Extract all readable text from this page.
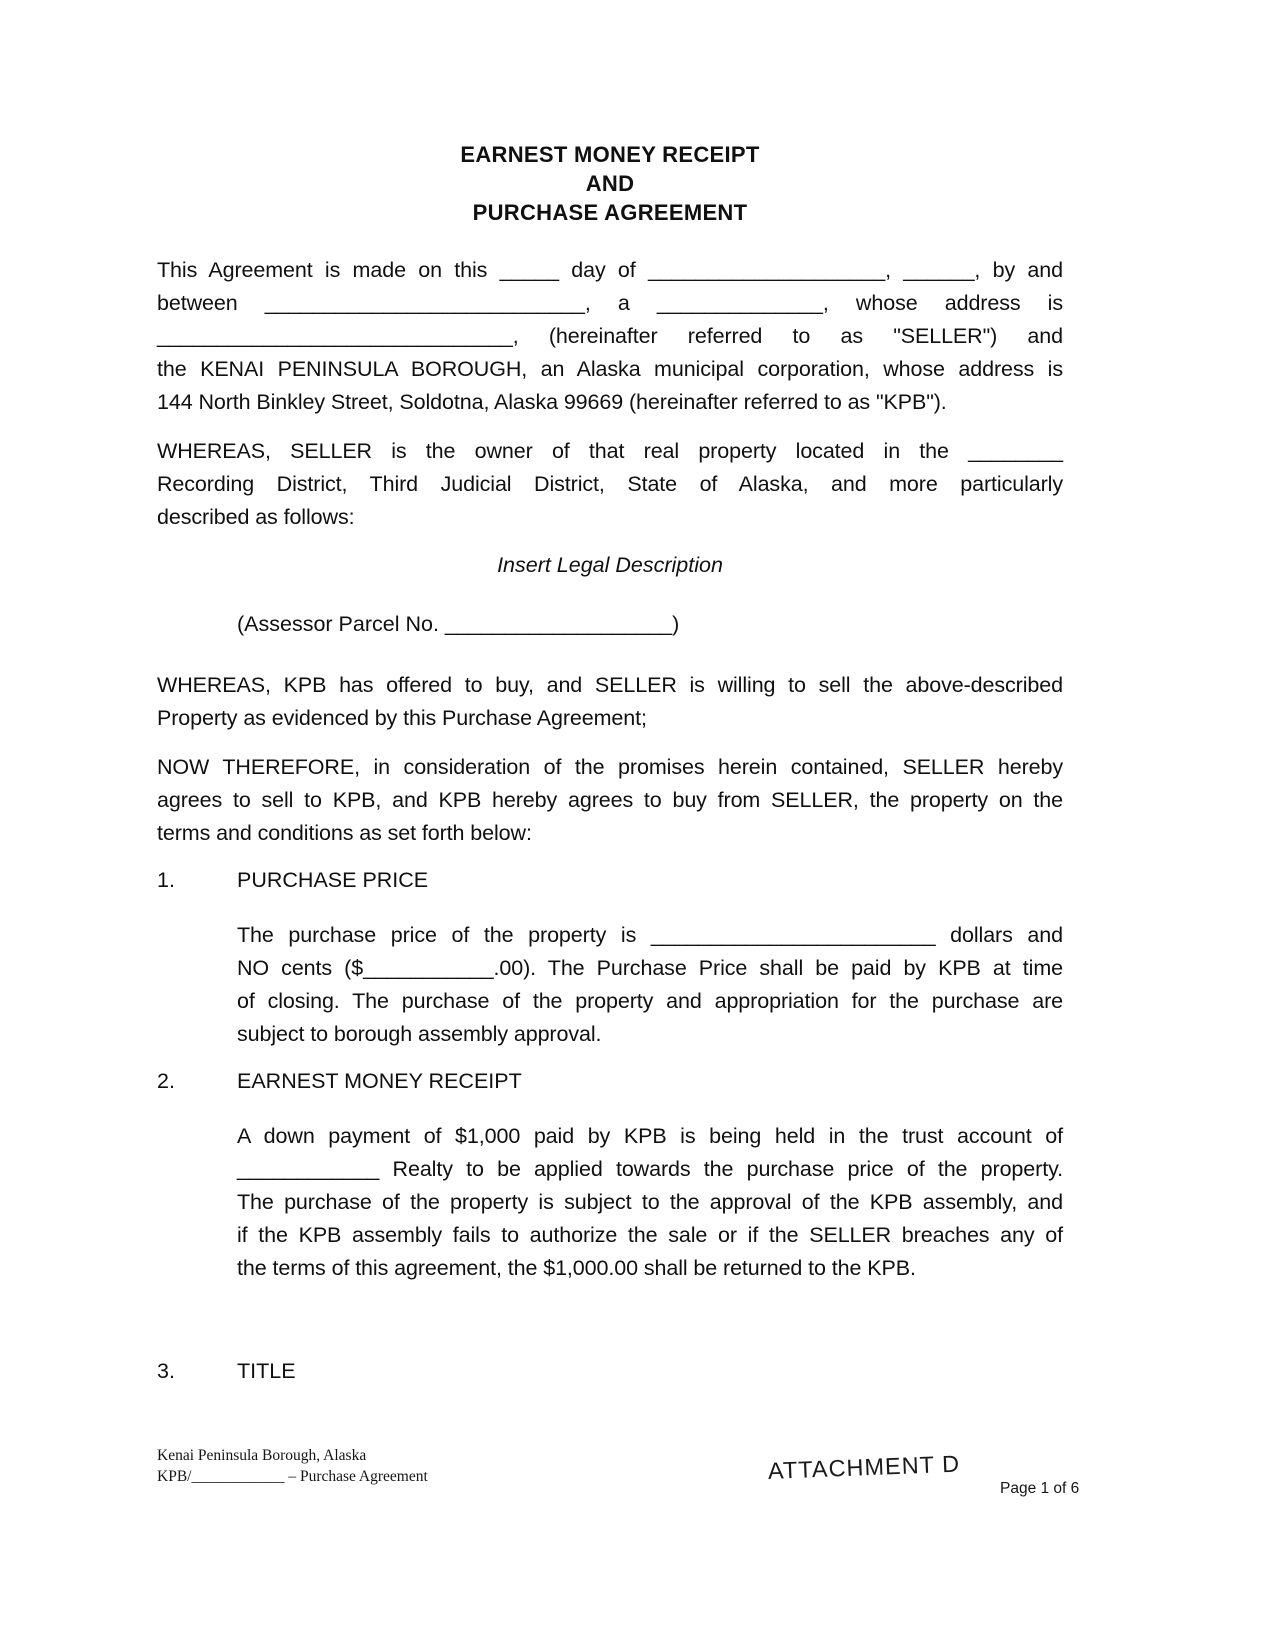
EARNEST MONEY RECEIPT
AND
PURCHASE AGREEMENT
This Agreement is made on this _____ day of ____________________, ______, by and
between ___________________________, a ______________, whose address is
______________________________, (hereinafter referred to as "SELLER") and
the KENAI PENINSULA BOROUGH, an Alaska municipal corporation, whose address is
144 North Binkley Street, Soldotna, Alaska 99669 (hereinafter referred to as "KPB").
WHEREAS, SELLER is the owner of that real property located in the ________
Recording District, Third Judicial District, State of Alaska, and more particularly
described as follows:
Insert Legal Description
(Assessor Parcel No. ___________________)
WHEREAS, KPB has offered to buy, and SELLER is willing to sell the above-described
Property as evidenced by this Purchase Agreement;
NOW THEREFORE, in consideration of the promises herein contained, SELLER hereby
agrees to sell to KPB, and KPB hereby agrees to buy from SELLER, the property on the
terms and conditions as set forth below:
1.	PURCHASE PRICE
The purchase price of the property is ________________________ dollars and
NO cents ($___________.00). The Purchase Price shall be paid by KPB at time
of closing. The purchase of the property and appropriation for the purchase are
subject to borough assembly approval.
2.	EARNEST MONEY RECEIPT
A down payment of $1,000 paid by KPB is being held in the trust account of
____________ Realty to be applied towards the purchase price of the property.
The purchase of the property is subject to the approval of the KPB assembly, and
if the KPB assembly fails to authorize the sale or if the SELLER breaches any of
the terms of this agreement, the $1,000.00 shall be returned to the KPB.
3.	TITLE
Kenai Peninsula Borough, Alaska
KPB/____________ – Purchase Agreement	ATTACHMENT D
Page 1 of 6
